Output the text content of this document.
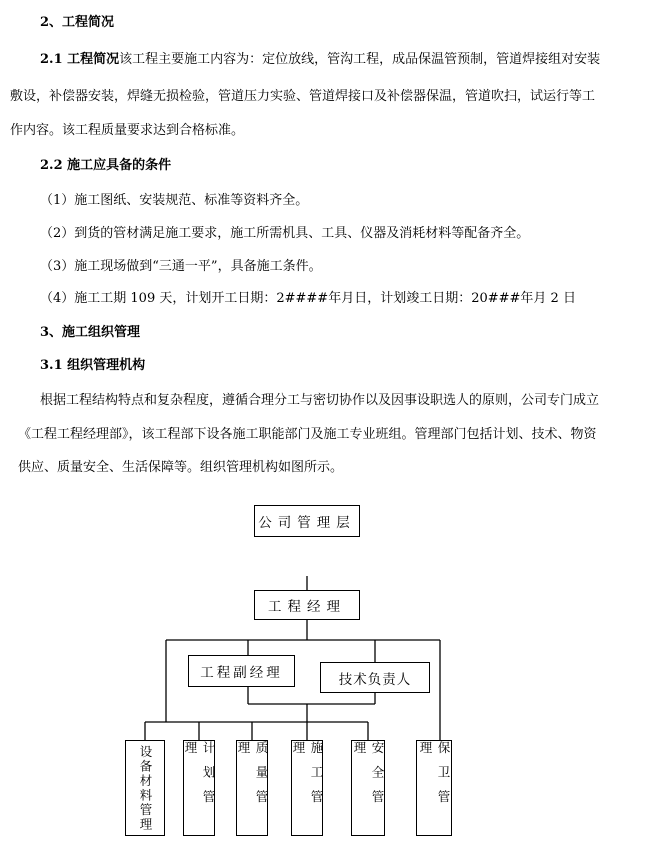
2、工程简况
2.1 工程简况该工程主要施工内容为：定位放线，管沟工程，成品保温管预制，管道焊接组对安装
敷设，补偿器安装，焊缝无损检验，管道压力实验、管道焊接口及补偿器保温，管道吹扫，试运行等工
作内容。该工程质量要求达到合格标准。
2.2 施工应具备的条件
（1）施工图纸、安装规范、标准等资料齐全。
（2）到货的管材满足施工要求，施工所需机具、工具、仪器及消耗材料等配备齐全。
（3）施工现场做到“三通一平”，具备施工条件。
（4）施工工期 109 天，计划开工日期：2####年月日，计划竣工日期：20###年月 2 日
3、施工组织管理
3.1 组织管理机构
根据工程结构特点和复杂程度，遵循合理分工与密切协作以及因事设职选人的原则，公司专门成立
《工程工程经理部》，该工程部下设各施工职能部门及施工专业班组。管理部门包括计划、技术、物资
供应、质量安全、生活保障等。组织管理机构如图所示。
公司管理层
工程经理
工程副经理	技术负责人
设备材料管理	计划管理	质量管理	施工管理	安全管理	保卫管理
